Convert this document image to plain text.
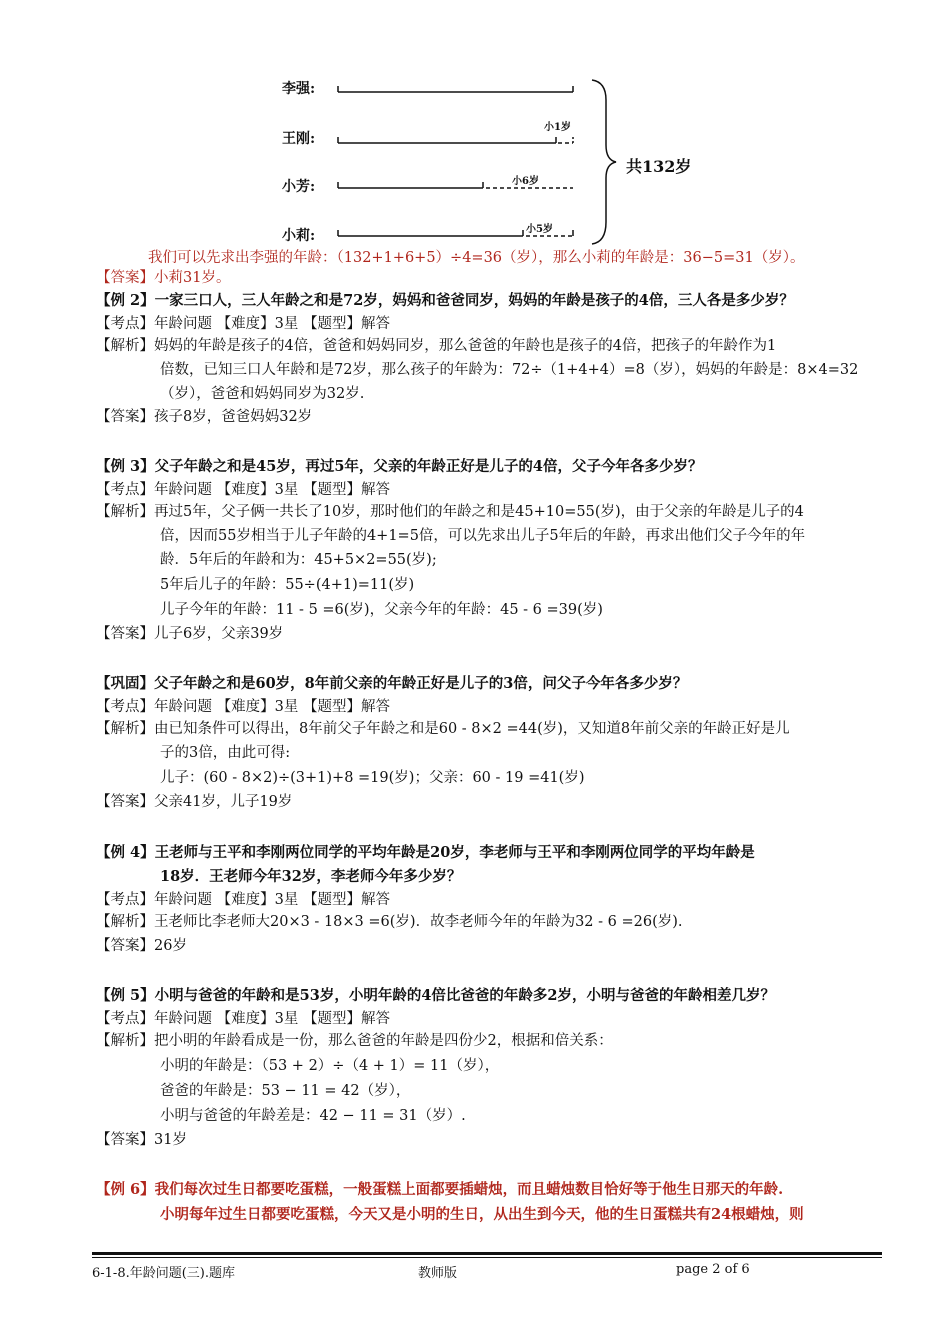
李强:
王刚:
小芳:
小莉:
小1岁
小6岁
小5岁
共132岁
我们可以先求出李强的年龄：（132+1+6+5）÷4=36（岁），那么小莉的年龄是：36−5=31（岁）。
【答案】小莉31岁。
【例 2】一家三口人，三人年龄之和是72岁，妈妈和爸爸同岁，妈妈的年龄是孩子的4倍，三人各是多少岁？
【考点】年龄问题 【难度】3星 【题型】解答
【解析】妈妈的年龄是孩子的4倍，爸爸和妈妈同岁，那么爸爸的年龄也是孩子的4倍，把孩子的年龄作为1
倍数，已知三口人年龄和是72岁，那么孩子的年龄为：72÷（1+4+4）=8（岁），妈妈的年龄是：8×4=32
（岁），爸爸和妈妈同岁为32岁.
【答案】孩子8岁，爸爸妈妈32岁
【例 3】父子年龄之和是45岁，再过5年，父亲的年龄正好是儿子的4倍，父子今年各多少岁？
【考点】年龄问题 【难度】3星 【题型】解答
【解析】再过5年，父子俩一共长了10岁，那时他们的年龄之和是45+10=55(岁)，由于父亲的年龄是儿子的4
倍，因而55岁相当于儿子年龄的4+1=5倍，可以先求出儿子5年后的年龄，再求出他们父子今年的年
龄．5年后的年龄和为：45+5×2=55(岁);
5年后儿子的年龄：55÷(4+1)=11(岁)
儿子今年的年龄：11 - 5 =6(岁)，父亲今年的年龄：45 - 6 =39(岁)
【答案】儿子6岁，父亲39岁
【巩固】父子年龄之和是60岁，8年前父亲的年龄正好是儿子的3倍，问父子今年各多少岁？
【考点】年龄问题 【难度】3星 【题型】解答
【解析】由已知条件可以得出，8年前父子年龄之和是60 - 8×2 =44(岁)，又知道8年前父亲的年龄正好是儿
子的3倍，由此可得:
儿子：(60 - 8×2)÷(3+1)+8 =19(岁)；父亲：60 - 19 =41(岁)
【答案】父亲41岁，儿子19岁
【例 4】王老师与王平和李刚两位同学的平均年龄是20岁，李老师与王平和李刚两位同学的平均年龄是
18岁．王老师今年32岁，李老师今年多少岁？
【考点】年龄问题 【难度】3星 【题型】解答
【解析】王老师比李老师大20×3 - 18×3 =6(岁)．故李老师今年的年龄为32 - 6 =26(岁).
【答案】26岁
【例 5】小明与爸爸的年龄和是53岁，小明年龄的4倍比爸爸的年龄多2岁，小明与爸爸的年龄相差几岁？
【考点】年龄问题 【难度】3星 【题型】解答
【解析】把小明的年龄看成是一份，那么爸爸的年龄是四份少2，根据和倍关系：
小明的年龄是：（53 + 2）÷（4 + 1）= 11（岁），
爸爸的年龄是：53 − 11 = 42（岁），
小明与爸爸的年龄差是：42 − 11 = 31（岁）.
【答案】31岁
【例 6】我们每次过生日都要吃蛋糕，一般蛋糕上面都要插蜡烛，而且蜡烛数目恰好等于他生日那天的年龄.
小明每年过生日都要吃蛋糕，今天又是小明的生日，从出生到今天，他的生日蛋糕共有24根蜡烛，则
6-1-8.年龄问题(三).题库	教师版	page 2 of 6
